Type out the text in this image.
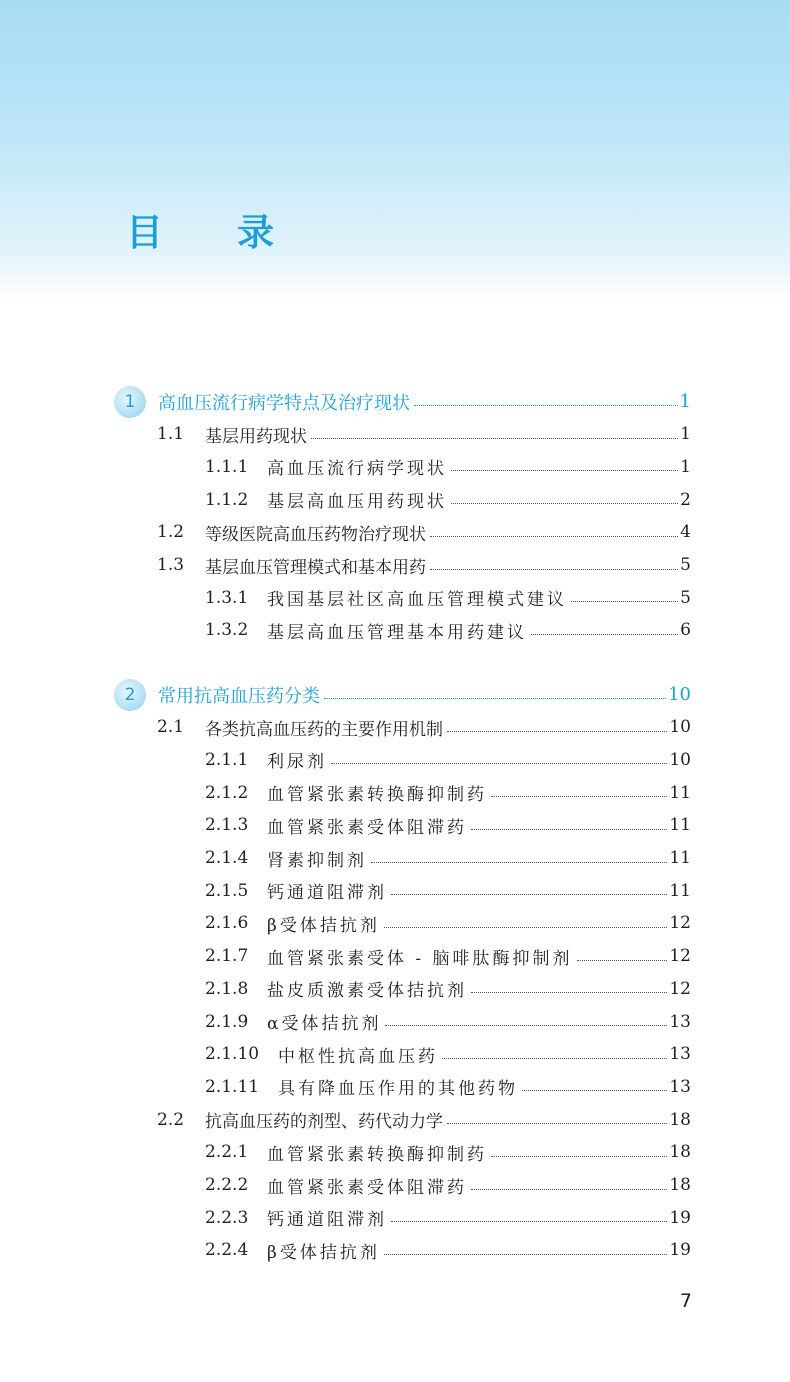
目　　录
1	高血压流行病学特点及治疗现状	1
1.1	基层用药现状	1
1.1.1	高血压流行病学现状	1
1.1.2	基层高血压用药现状	2
1.2	等级医院高血压药物治疗现状	4
1.3	基层血压管理模式和基本用药	5
1.3.1	我国基层社区高血压管理模式建议	5
1.3.2	基层高血压管理基本用药建议	6
2	常用抗高血压药分类	10
2.1	各类抗高血压药的主要作用机制	10
2.1.1	利尿剂	10
2.1.2	血管紧张素转换酶抑制药	11
2.1.3	血管紧张素受体阻滞药	11
2.1.4	肾素抑制剂	11
2.1.5	钙通道阻滞剂	11
2.1.6	β受体拮抗剂	12
2.1.7	血管紧张素受体 - 脑啡肽酶抑制剂	12
2.1.8	盐皮质激素受体拮抗剂	12
2.1.9	α受体拮抗剂	13
2.1.10	中枢性抗高血压药	13
2.1.11	具有降血压作用的其他药物	13
2.2	抗高血压药的剂型、药代动力学	18
2.2.1	血管紧张素转换酶抑制药	18
2.2.2	血管紧张素受体阻滞药	18
2.2.3	钙通道阻滞剂	19
2.2.4	β受体拮抗剂	19
7
